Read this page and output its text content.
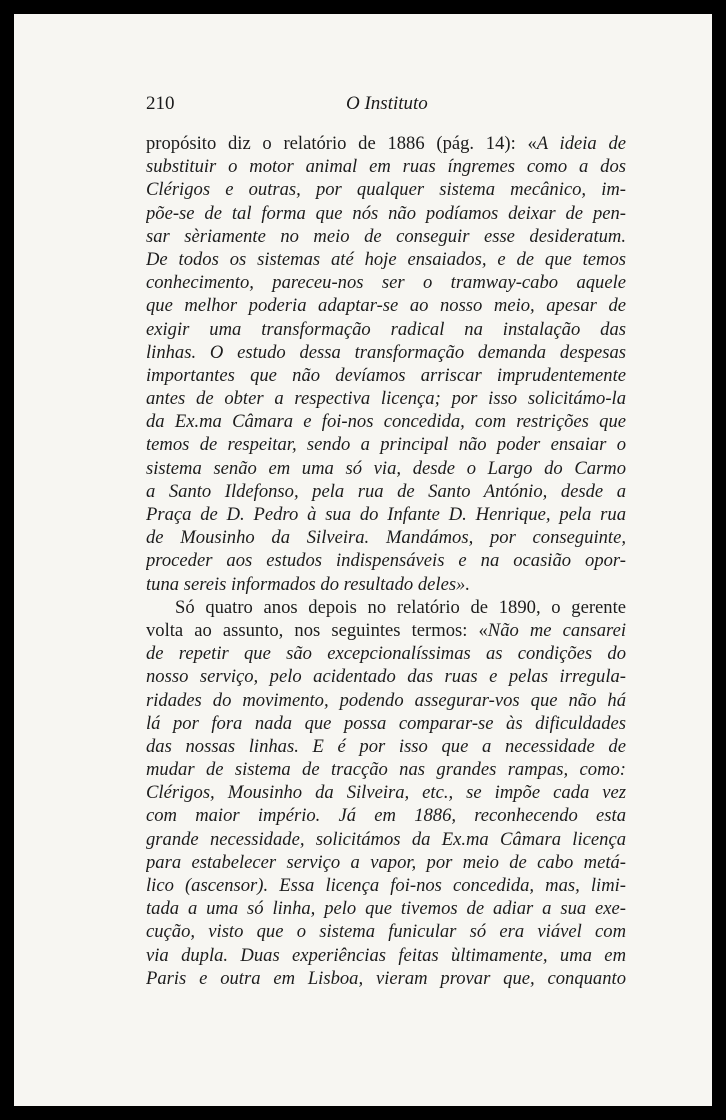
210	O Instituto
propósito diz o relatório de 1886 (pág. 14): «A ideia de
substituir o motor animal em ruas íngremes como a dos
Clérigos e outras, por qualquer sistema mecânico, im-
põe-se de tal forma que nós não podíamos deixar de pen-
sar sèriamente no meio de conseguir esse desideratum.
De todos os sistemas até hoje ensaiados, e de que temos
conhecimento, pareceu-nos ser o tramway-cabo aquele
que melhor poderia adaptar-se ao nosso meio, apesar de
exigir uma transformação radical na instalação das
linhas. O estudo dessa transformação demanda despesas
importantes que não devíamos arriscar imprudentemente
antes de obter a respectiva licença; por isso solicitámo-la
da Ex.ma Câmara e foi-nos concedida, com restrições que
temos de respeitar, sendo a principal não poder ensaiar o
sistema senão em uma só via, desde o Largo do Carmo
a Santo Ildefonso, pela rua de Santo António, desde a
Praça de D. Pedro à sua do Infante D. Henrique, pela rua
de Mousinho da Silveira. Mandámos, por conseguinte,
proceder aos estudos indispensáveis e na ocasião opor-
tuna sereis informados do resultado deles».
Só quatro anos depois no relatório de 1890, o gerente
volta ao assunto, nos seguintes termos: «Não me cansarei
de repetir que são excepcionalíssimas as condições do
nosso serviço, pelo acidentado das ruas e pelas irregula-
ridades do movimento, podendo assegurar-vos que não há
lá por fora nada que possa comparar-se às dificuldades
das nossas linhas. E é por isso que a necessidade de
mudar de sistema de tracção nas grandes rampas, como:
Clérigos, Mousinho da Silveira, etc., se impõe cada vez
com maior império. Já em 1886, reconhecendo esta
grande necessidade, solicitámos da Ex.ma Câmara licença
para estabelecer serviço a vapor, por meio de cabo metá-
lico (ascensor). Essa licença foi-nos concedida, mas, limi-
tada a uma só linha, pelo que tivemos de adiar a sua exe-
cução, visto que o sistema funicular só era viável com
via dupla. Duas experiências feitas ùltimamente, uma em
Paris e outra em Lisboa, vieram provar que, conquanto
